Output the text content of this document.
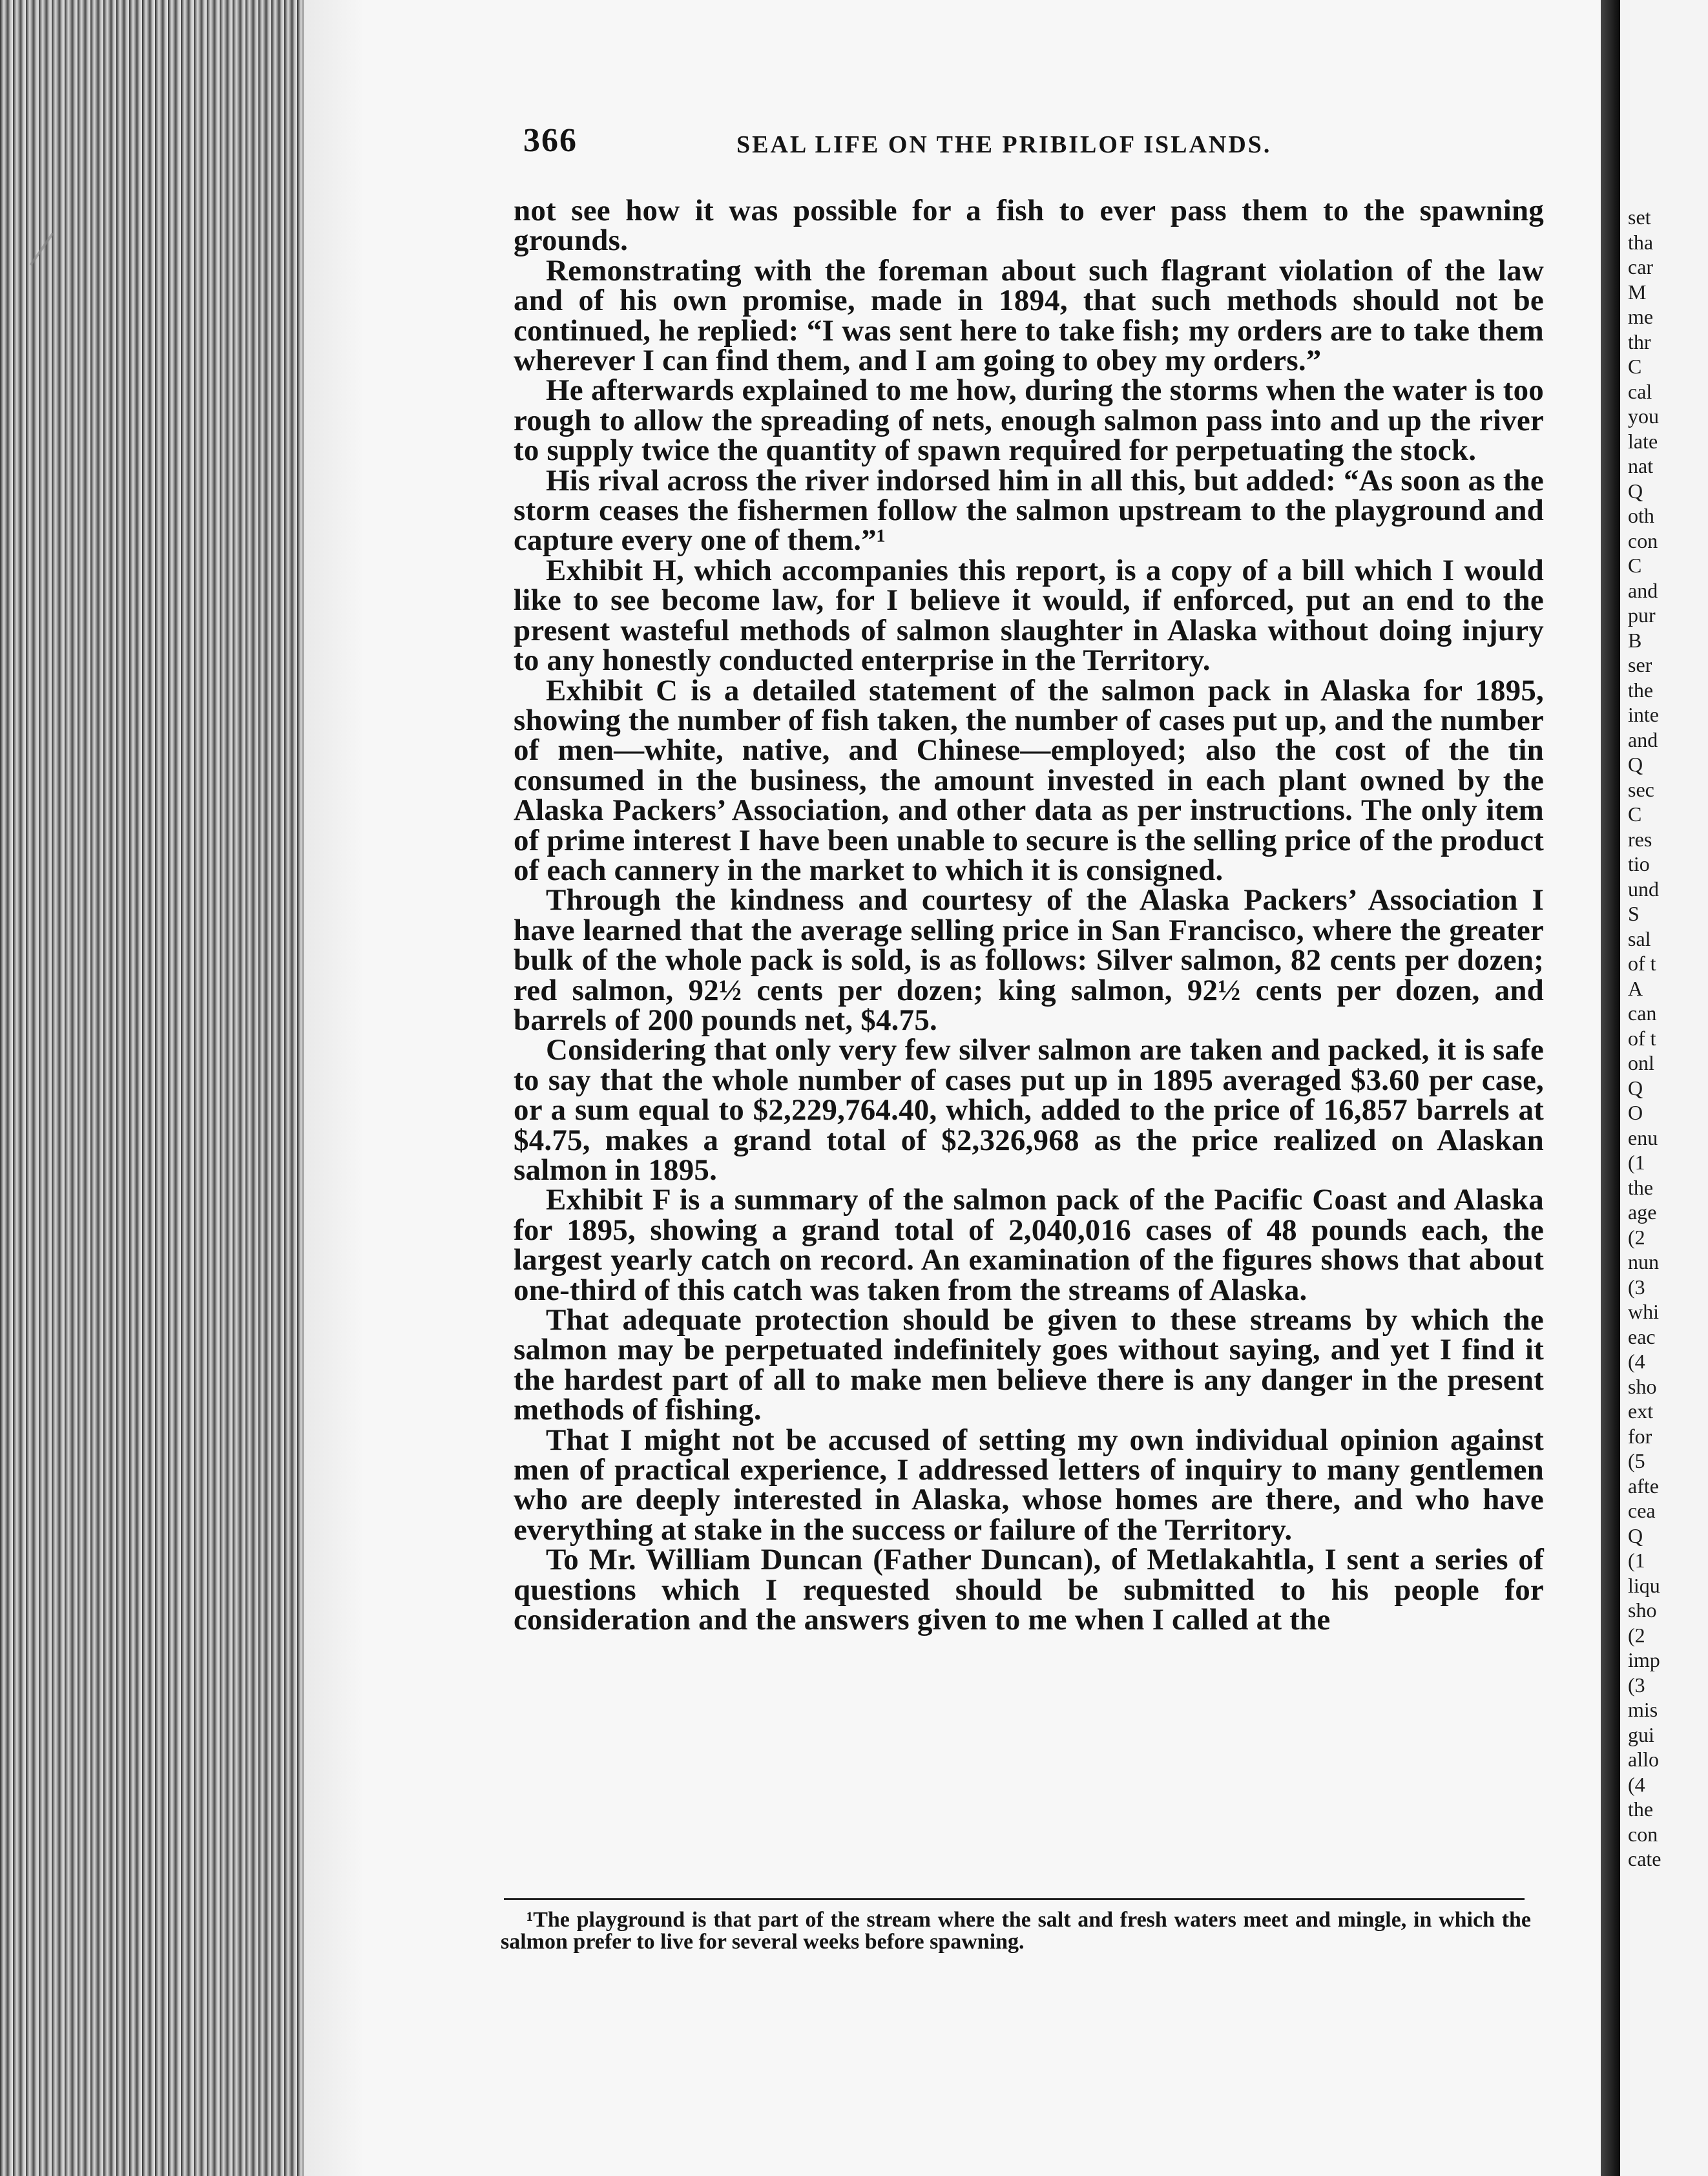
set
tha
car
M
me
thr
C
cal
you
late
nat
Q
oth
con
C
and
pur
B
ser
the
inte
and
Q
sec
C
res
tio
und
S
sal
of t
A
can
of t
onl
Q
O
enu
(1
the
age
(2
nun
(3
whi
eac
(4
sho
ext
for
(5
afte
cea
Q
(1
liqu
sho
(2
imp
(3
mis
gui
allo
(4
the
con
cate
366	SEAL LIFE ON THE PRIBILOF ISLANDS.

not see how it was possible for a fish to ever pass them to the spawning grounds.

Remonstrating with the foreman about such flagrant violation of the law and of his own promise, made in 1894, that such methods should not be continued, he replied: “I was sent here to take fish; my orders are to take them wherever I can find them, and I am going to obey my orders.”

He afterwards explained to me how, during the storms when the water is too rough to allow the spreading of nets, enough salmon pass into and up the river to supply twice the quantity of spawn required for perpetuating the stock.

His rival across the river indorsed him in all this, but added: “As soon as the storm ceases the fishermen follow the salmon upstream to the playground and capture every one of them.”¹

Exhibit H, which accompanies this report, is a copy of a bill which I would like to see become law, for I believe it would, if enforced, put an end to the present wasteful methods of salmon slaughter in Alaska without doing injury to any honestly conducted enterprise in the Territory.

Exhibit C is a detailed statement of the salmon pack in Alaska for 1895, showing the number of fish taken, the number of cases put up, and the number of men—white, native, and Chinese—employed; also the cost of the tin consumed in the business, the amount invested in each plant owned by the Alaska Packers’ Association, and other data as per instructions. The only item of prime interest I have been unable to secure is the selling price of the product of each cannery in the market to which it is consigned.

Through the kindness and courtesy of the Alaska Packers’ Association I have learned that the average selling price in San Francisco, where the greater bulk of the whole pack is sold, is as follows: Silver salmon, 82 cents per dozen; red salmon, 92½ cents per dozen; king salmon, 92½ cents per dozen, and barrels of 200 pounds net, $4.75.

Considering that only very few silver salmon are taken and packed, it is safe to say that the whole number of cases put up in 1895 averaged $3.60 per case, or a sum equal to $2,229,764.40, which, added to the price of 16,857 barrels at $4.75, makes a grand total of $2,326,968 as the price realized on Alaskan salmon in 1895.

Exhibit F is a summary of the salmon pack of the Pacific Coast and Alaska for 1895, showing a grand total of 2,040,016 cases of 48 pounds each, the largest yearly catch on record. An examination of the figures shows that about one-third of this catch was taken from the streams of Alaska.

That adequate protection should be given to these streams by which the salmon may be perpetuated indefinitely goes without saying, and yet I find it the hardest part of all to make men believe there is any danger in the present methods of fishing.

That I might not be accused of setting my own individual opinion against men of practical experience, I addressed letters of inquiry to many gentlemen who are deeply interested in Alaska, whose homes are there, and who have everything at stake in the success or failure of the Territory.

To Mr. William Duncan (Father Duncan), of Metlakahtla, I sent a series of questions which I requested should be submitted to his people for consideration and the answers given to me when I called at the

¹The playground is that part of the stream where the salt and fresh waters meet and mingle, in which the salmon prefer to live for several weeks before spawning.
